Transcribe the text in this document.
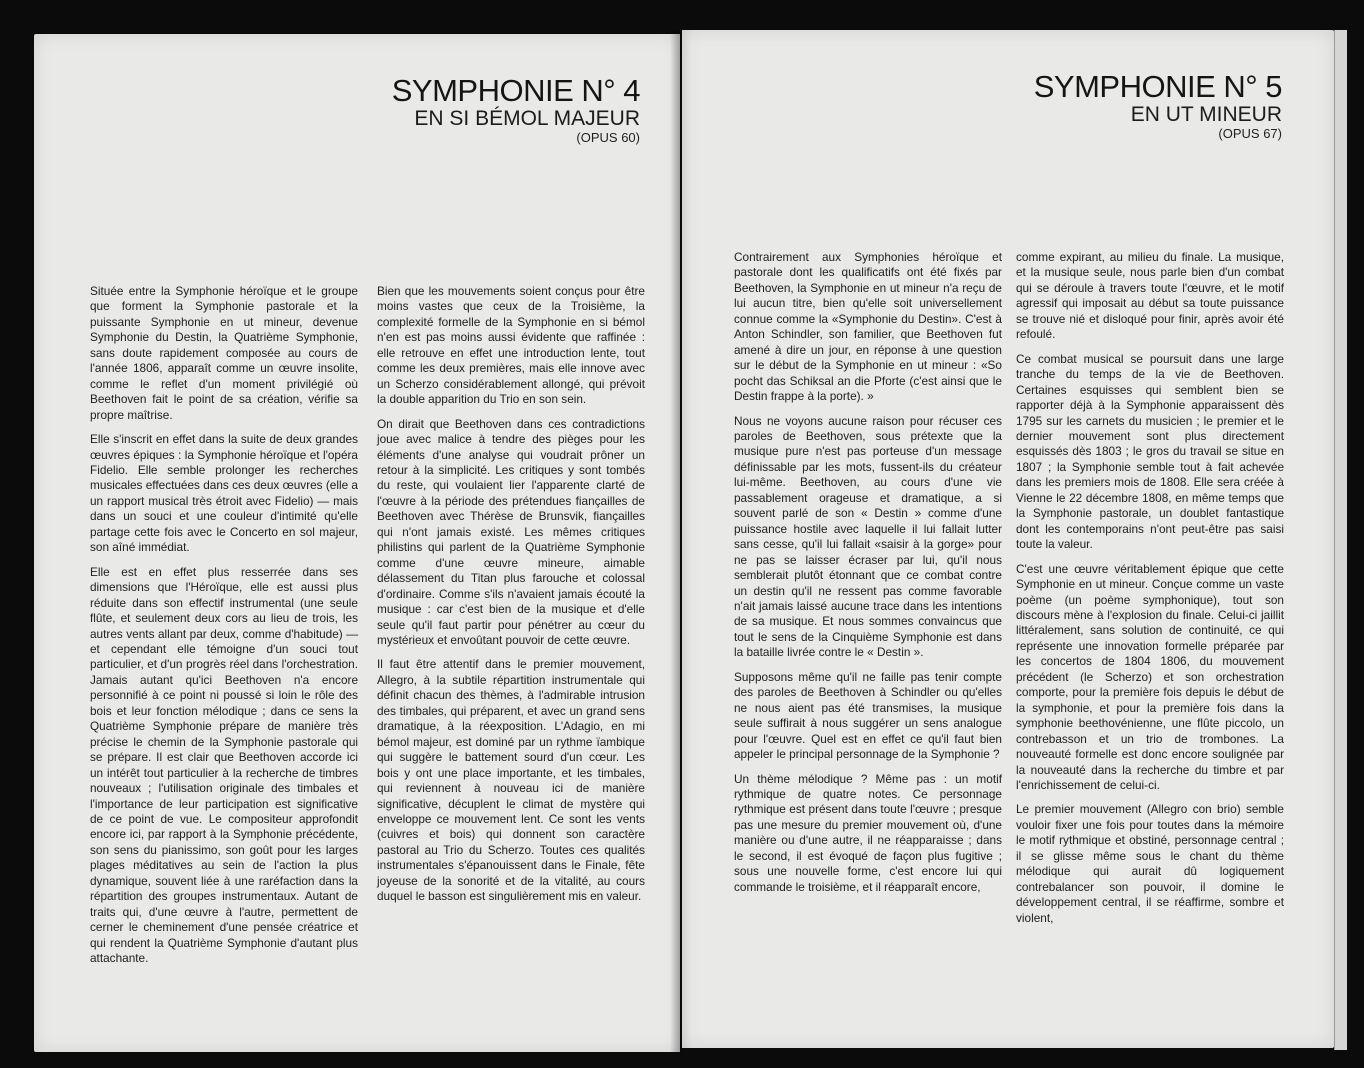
SYMPHONIE N° 4
EN SI BÉMOL MAJEUR
(OPUS 60)

Située entre la Symphonie héroïque et le groupe que forment la Symphonie pastorale et la puissante Symphonie en ut mineur, devenue Symphonie du Destin, la Quatrième Symphonie, sans doute rapidement composée au cours de l'année 1806, apparaît comme un œuvre insolite, comme le reflet d'un moment privilégié où Beethoven fait le point de sa création, vérifie sa propre maîtrise.

Elle s'inscrit en effet dans la suite de deux grandes œuvres épiques : la Symphonie héroïque et l'opéra Fidelio. Elle semble prolonger les recherches musicales effectuées dans ces deux œuvres (elle a un rapport musical très étroit avec Fidelio) — mais dans un souci et une couleur d'intimité qu'elle partage cette fois avec le Concerto en sol majeur, son aîné immédiat.

Elle est en effet plus resserrée dans ses dimensions que l'Héroïque, elle est aussi plus réduite dans son effectif instrumental (une seule flûte, et seulement deux cors au lieu de trois, les autres vents allant par deux, comme d'habitude) — et cependant elle témoigne d'un souci tout particulier, et d'un progrès réel dans l'orchestration. Jamais autant qu'ici Beethoven n'a encore personnifié à ce point ni poussé si loin le rôle des bois et leur fonction mélodique ; dans ce sens la Quatrième Symphonie prépare de manière très précise le chemin de la Symphonie pastorale qui se prépare. Il est clair que Beethoven accorde ici un intérêt tout particulier à la recherche de timbres nouveaux ; l'utilisation originale des timbales et l'importance de leur participation est significative de ce point de vue. Le compositeur approfondit encore ici, par rapport à la Symphonie précédente, son sens du pianissimo, son goût pour les larges plages méditatives au sein de l'action la plus dynamique, souvent liée à une raréfaction dans la répartition des groupes instrumentaux. Autant de traits qui, d'une œuvre à l'autre, permettent de cerner le cheminement d'une pensée créatrice et qui rendent la Quatrième Symphonie d'autant plus attachante.

Bien que les mouvements soient conçus pour être moins vastes que ceux de la Troisième, la complexité formelle de la Symphonie en si bémol n'en est pas moins aussi évidente que raffinée : elle retrouve en effet une introduction lente, tout comme les deux premières, mais elle innove avec un Scherzo considérablement allongé, qui prévoit la double apparition du Trio en son sein.

On dirait que Beethoven dans ces contradictions joue avec malice à tendre des pièges pour les éléments d'une analyse qui voudrait prôner un retour à la simplicité. Les critiques y sont tombés du reste, qui voulaient lier l'apparente clarté de l'œuvre à la période des prétendues fiançailles de Beethoven avec Thérèse de Brunsvik, fiançailles qui n'ont jamais existé. Les mêmes critiques philistins qui parlent de la Quatrième Symphonie comme d'une œuvre mineure, aimable délassement du Titan plus farouche et colossal d'ordinaire. Comme s'ils n'avaient jamais écouté la musique : car c'est bien de la musique et d'elle seule qu'il faut partir pour pénétrer au cœur du mystérieux et envoûtant pouvoir de cette œuvre.

Il faut être attentif dans le premier mouvement, Allegro, à la subtile répartition instrumentale qui définit chacun des thèmes, à l'admirable intrusion des timbales, qui préparent, et avec un grand sens dramatique, à la réexposition. L'Adagio, en mi bémol majeur, est dominé par un rythme ïambique qui suggère le battement sourd d'un cœur. Les bois y ont une place importante, et les timbales, qui reviennent à nouveau ici de manière significative, décuplent le climat de mystère qui enveloppe ce mouvement lent. Ce sont les vents (cuivres et bois) qui donnent son caractère pastoral au Trio du Scherzo. Toutes ces qualités instrumentales s'épanouissent dans le Finale, fête joyeuse de la sonorité et de la vitalité, au cours duquel le basson est singulièrement mis en valeur.

SYMPHONIE N° 5
EN UT MINEUR
(OPUS 67)

Contrairement aux Symphonies héroïque et pastorale dont les qualificatifs ont été fixés par Beethoven, la Symphonie en ut mineur n'a reçu de lui aucun titre, bien qu'elle soit universellement connue comme la «Symphonie du Destin». C'est à Anton Schindler, son familier, que Beethoven fut amené à dire un jour, en réponse à une question sur le début de la Symphonie en ut mineur : «So pocht das Schiksal an die Pforte (c'est ainsi que le Destin frappe à la porte). »

Nous ne voyons aucune raison pour récuser ces paroles de Beethoven, sous prétexte que la musique pure n'est pas porteuse d'un message définissable par les mots, fussent-ils du créateur lui-même. Beethoven, au cours d'une vie passablement orageuse et dramatique, a si souvent parlé de son « Destin » comme d'une puissance hostile avec laquelle il lui fallait lutter sans cesse, qu'il lui fallait «saisir à la gorge» pour ne pas se laisser écraser par lui, qu'il nous semblerait plutôt étonnant que ce combat contre un destin qu'il ne ressent pas comme favorable n'ait jamais laissé aucune trace dans les intentions de sa musique. Et nous sommes convaincus que tout le sens de la Cinquième Symphonie est dans la bataille livrée contre le « Destin ».

Supposons même qu'il ne faille pas tenir compte des paroles de Beethoven à Schindler ou qu'elles ne nous aient pas été transmises, la musique seule suffirait à nous suggérer un sens analogue pour l'œuvre. Quel est en effet ce qu'il faut bien appeler le principal personnage de la Symphonie ?

Un thème mélodique ? Même pas : un motif rythmique de quatre notes. Ce personnage rythmique est présent dans toute l'œuvre ; presque pas une mesure du premier mouvement où, d'une manière ou d'une autre, il ne réapparaisse ; dans le second, il est évoqué de façon plus fugitive ; sous une nouvelle forme, c'est encore lui qui commande le troisième, et il réapparaît encore,

comme expirant, au milieu du finale. La musique, et la musique seule, nous parle bien d'un combat qui se déroule à travers toute l'œuvre, et le motif agressif qui imposait au début sa toute puissance se trouve nié et disloqué pour finir, après avoir été refoulé.

Ce combat musical se poursuit dans une large tranche du temps de la vie de Beethoven. Certaines esquisses qui semblent bien se rapporter déjà à la Symphonie apparaissent dès 1795 sur les carnets du musicien ; le premier et le dernier mouvement sont plus directement esquissés dès 1803 ; le gros du travail se situe en 1807 ; la Symphonie semble tout à fait achevée dans les premiers mois de 1808. Elle sera créée à Vienne le 22 décembre 1808, en même temps que la Symphonie pastorale, un doublet fantastique dont les contemporains n'ont peut-être pas saisi toute la valeur.

C'est une œuvre véritablement épique que cette Symphonie en ut mineur. Conçue comme un vaste poème (un poème symphonique), tout son discours mène à l'explosion du finale. Celui-ci jaillit littéralement, sans solution de continuité, ce qui représente une innovation formelle préparée par les concertos de 1804 1806, du mouvement précédent (le Scherzo) et son orchestration comporte, pour la première fois depuis le début de la symphonie, et pour la première fois dans la symphonie beethovénienne, une flûte piccolo, un contrebasson et un trio de trombones. La nouveauté formelle est donc encore soulignée par la nouveauté dans la recherche du timbre et par l'enrichissement de celui-ci.

Le premier mouvement (Allegro con brio) semble vouloir fixer une fois pour toutes dans la mémoire le motif rythmique et obstiné, personnage central ; il se glisse même sous le chant du thème mélodique qui aurait dû logiquement contrebalancer son pouvoir, il domine le développement central, il se réaffirme, sombre et violent,
